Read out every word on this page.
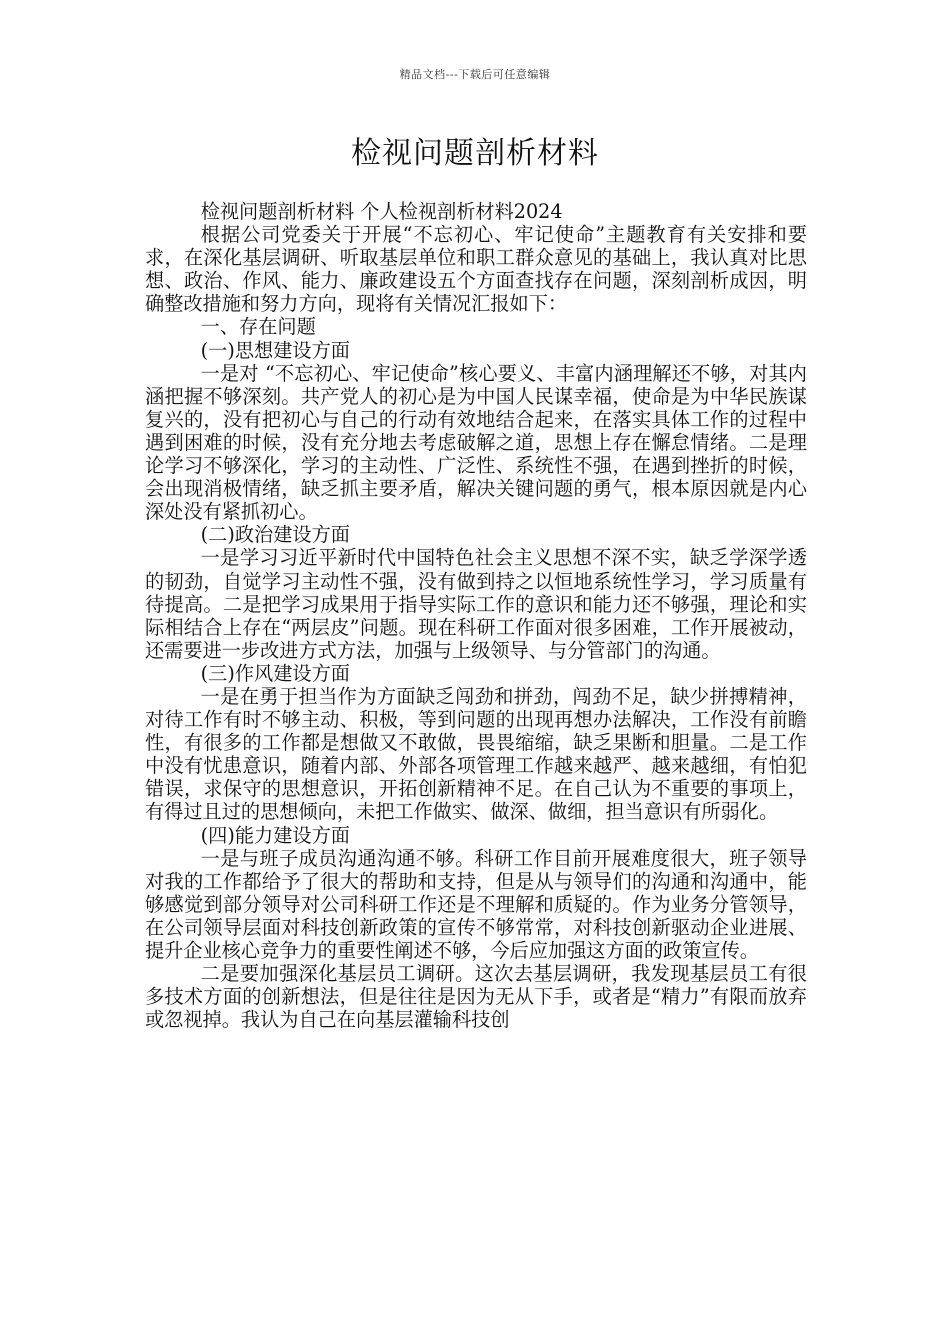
精品文档---下载后可任意编辑
检视问题剖析材料

检视问题剖析材料 个人检视剖析材料2024

根据公司党委关于开展“不忘初心、牢记使命”主题教育有关安排和要求，在深化基层调研、听取基层单位和职工群众意见的基础上，我认真对比思想、政治、作风、能力、廉政建设五个方面查找存在问题，深刻剖析成因，明确整改措施和努力方向，现将有关情况汇报如下：

一、存在问题

(一)思想建设方面

一是对 “不忘初心、牢记使命”核心要义、丰富内涵理解还不够，对其内涵把握不够深刻。共产党人的初心是为中国人民谋幸福，使命是为中华民族谋复兴的，没有把初心与自己的行动有效地结合起来，在落实具体工作的过程中遇到困难的时候，没有充分地去考虑破解之道，思想上存在懈怠情绪。二是理论学习不够深化，学习的主动性、广泛性、系统性不强，在遇到挫折的时候，会出现消极情绪，缺乏抓主要矛盾，解决关键问题的勇气，根本原因就是内心深处没有紧抓初心。

(二)政治建设方面

一是学习习近平新时代中国特色社会主义思想不深不实，缺乏学深学透的韧劲，自觉学习主动性不强，没有做到持之以恒地系统性学习，学习质量有待提高。二是把学习成果用于指导实际工作的意识和能力还不够强，理论和实际相结合上存在“两层皮”问题。现在科研工作面对很多困难，工作开展被动，还需要进一步改进方式方法，加强与上级领导、与分管部门的沟通。

(三)作风建设方面

一是在勇于担当作为方面缺乏闯劲和拼劲，闯劲不足，缺少拼搏精神，对待工作有时不够主动、积极，等到问题的出现再想办法解决，工作没有前瞻性，有很多的工作都是想做又不敢做，畏畏缩缩，缺乏果断和胆量。二是工作中没有忧患意识，随着内部、外部各项管理工作越来越严、越来越细，有怕犯错误，求保守的思想意识，开拓创新精神不足。在自己认为不重要的事项上，有得过且过的思想倾向，未把工作做实、做深、做细，担当意识有所弱化。

(四)能力建设方面

一是与班子成员沟通沟通不够。科研工作目前开展难度很大，班子领导对我的工作都给予了很大的帮助和支持，但是从与领导们的沟通和沟通中，能够感觉到部分领导对公司科研工作还是不理解和质疑的。作为业务分管领导，在公司领导层面对科技创新政策的宣传不够常常，对科技创新驱动企业进展、提升企业核心竞争力的重要性阐述不够，今后应加强这方面的政策宣传。

二是要加强深化基层员工调研。这次去基层调研，我发现基层员工有很多技术方面的创新想法，但是往往是因为无从下手，或者是“精力”有限而放弃或忽视掉。我认为自己在向基层灌输科技创
